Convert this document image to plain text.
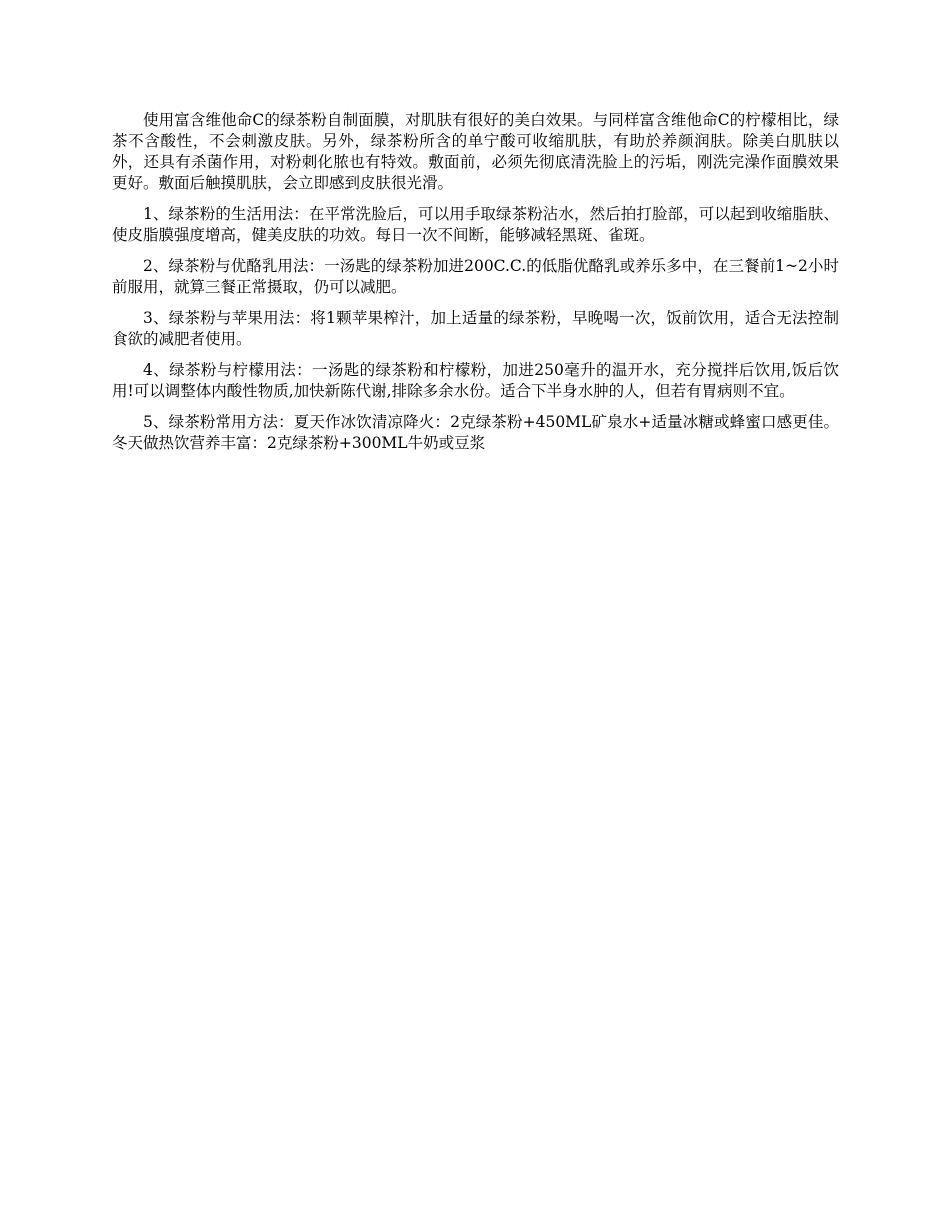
使用富含维他命C的绿茶粉自制面膜，对肌肤有很好的美白效果。与同样富含维他命C的柠檬相比，绿茶不含酸性，不会刺激皮肤。另外，绿茶粉所含的单宁酸可收缩肌肤，有助於养颜润肤。除美白肌肤以外，还具有杀菌作用，对粉刺化脓也有特效。敷面前，必须先彻底清洗脸上的污垢，刚洗完澡作面膜效果更好。敷面后触摸肌肤，会立即感到皮肤很光滑。

1、绿茶粉的生活用法：在平常洗脸后，可以用手取绿茶粉沾水，然后拍打脸部，可以起到收缩脂肤、使皮脂膜强度增高，健美皮肤的功效。每日一次不间断，能够减轻黑斑、雀斑。

2、绿茶粉与优酪乳用法：一汤匙的绿茶粉加进200C.C.的低脂优酪乳或养乐多中，在三餐前1~2小时前服用，就算三餐正常摄取，仍可以减肥。

3、绿茶粉与苹果用法：将1颗苹果榨汁，加上适量的绿茶粉，早晚喝一次，饭前饮用，适合无法控制食欲的减肥者使用。

4、绿茶粉与柠檬用法：一汤匙的绿茶粉和柠檬粉，加进250毫升的温开水，充分搅拌后饮用,饭后饮用!可以调整体内酸性物质,加快新陈代谢,排除多余水份。适合下半身水肿的人，但若有胃病则不宜。

5、绿茶粉常用方法：夏天作冰饮清凉降火：2克绿茶粉+450ML矿泉水+适量冰糖或蜂蜜口感更佳。冬天做热饮营养丰富：2克绿茶粉+300ML牛奶或豆浆
